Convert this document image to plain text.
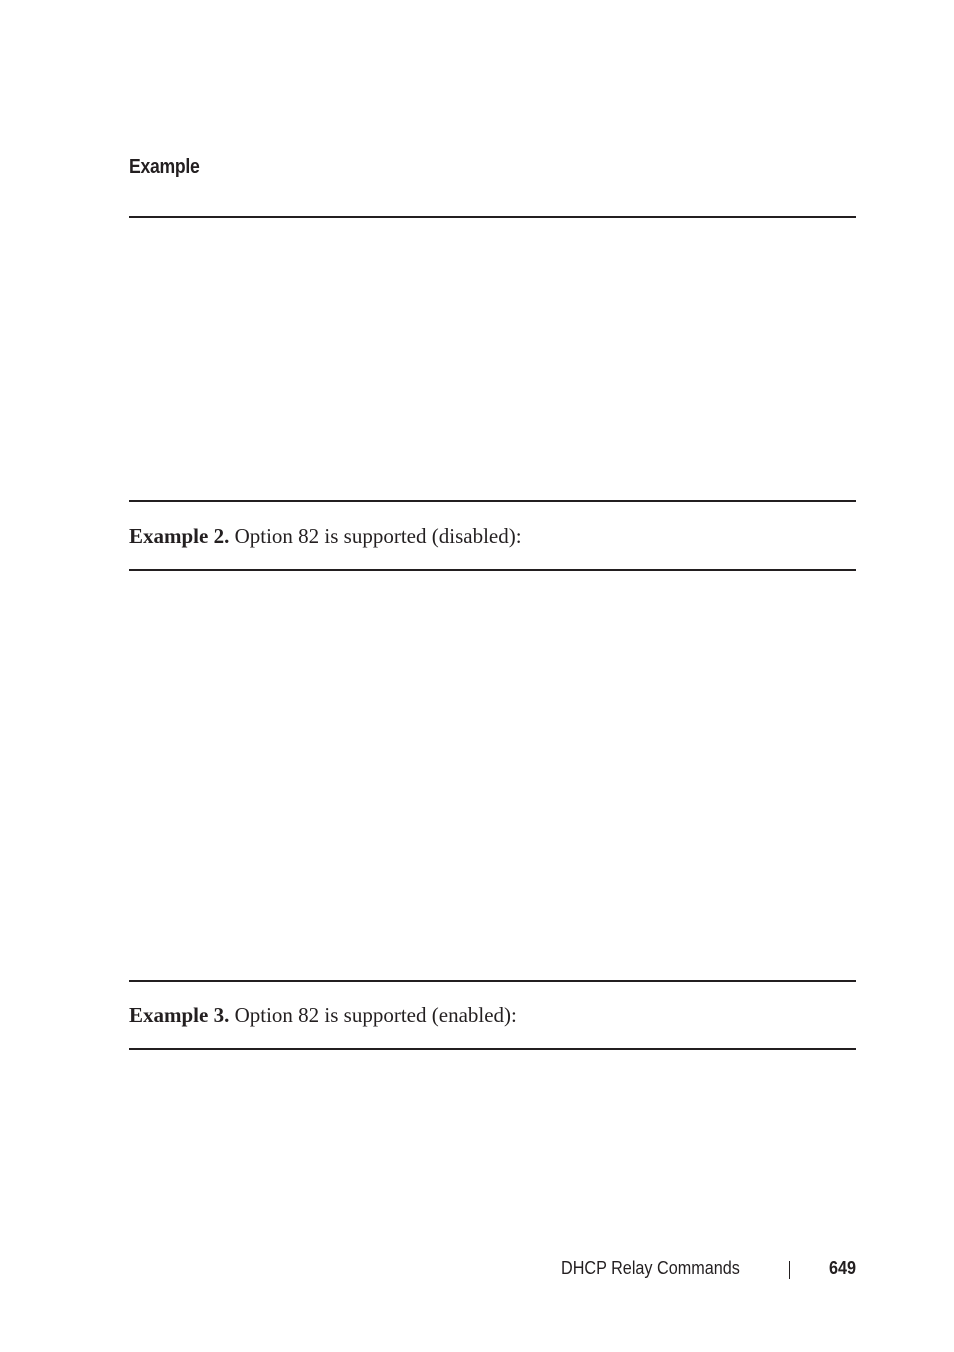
Example
Example 2. Option 82 is supported (disabled):
Example 3. Option 82 is supported (enabled):
DHCP Relay Commands	649
